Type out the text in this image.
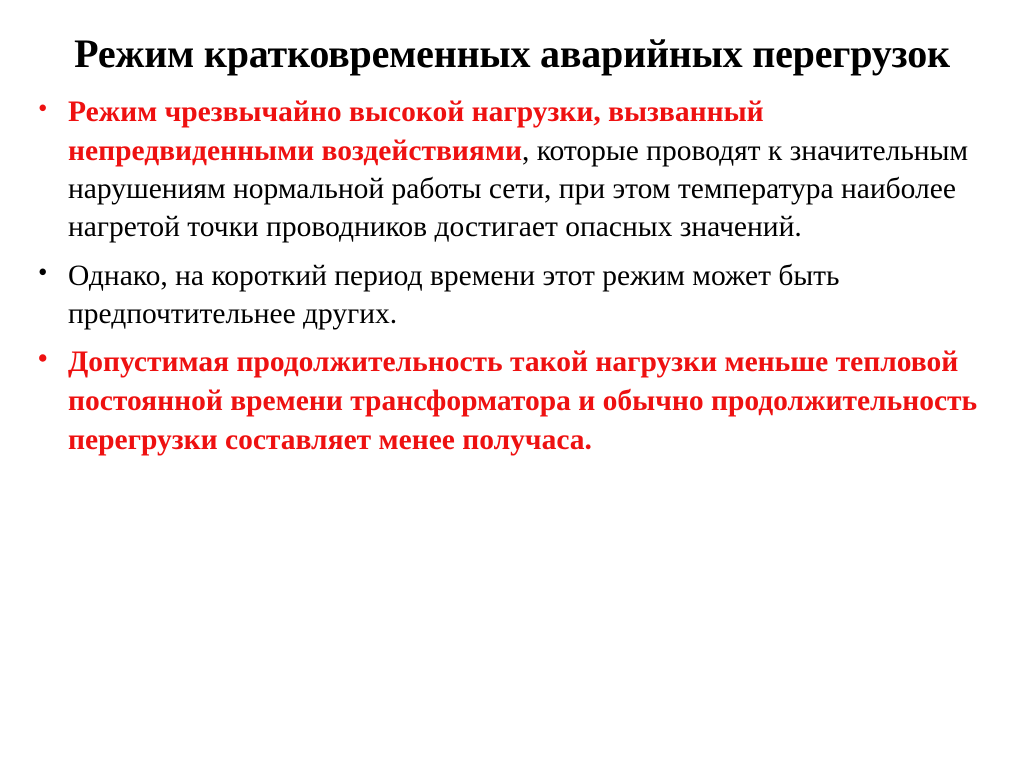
Режим кратковременных аварийных перегрузок
• Режим чрезвычайно высокой нагрузки, вызванный непредвиденными воздействиями, которые проводят к значительным нарушениям нормальной работы сети, при этом температура наиболее нагретой точки проводников достигает опасных значений.
• Однако, на короткий период времени этот режим может быть предпочтительнее других.
• Допустимая продолжительность такой нагрузки меньше тепловой постоянной времени трансформатора и обычно продолжительность перегрузки составляет менее получаса.
